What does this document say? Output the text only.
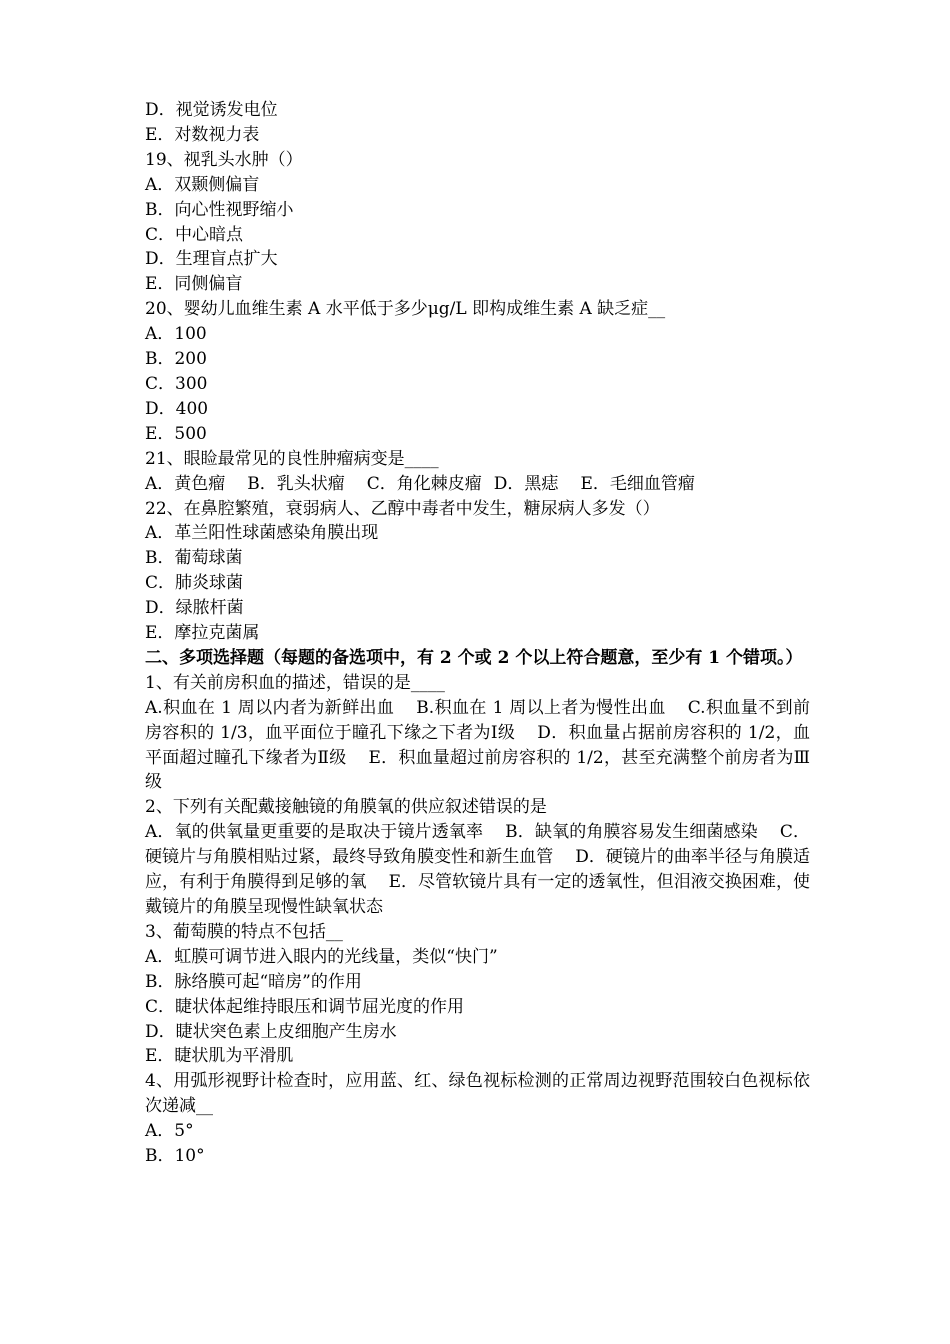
D．视觉诱发电位
E．对数视力表
19、视乳头水肿（）
A．双颞侧偏盲
B．向心性视野缩小
C．中心暗点
D．生理盲点扩大
E．同侧偏盲
20、婴幼儿血维生素 A 水平低于多少μg/L 即构成维生素 A 缺乏症__
A．100
B．200
C．300
D．400
E．500
21、眼睑最常见的良性肿瘤病变是____
A．黄色瘤 B．乳头状瘤 C．角化棘皮瘤 D．黑痣 E．毛细血管瘤
22、在鼻腔繁殖，衰弱病人、乙醇中毒者中发生，糖尿病人多发（）
A．革兰阳性球菌感染角膜出现
B．葡萄球菌
C．肺炎球菌
D．绿脓杆菌
E．摩拉克菌属
二、多项选择题（每题的备选项中，有 2 个或 2 个以上符合题意，至少有 1 个错项。）
1、有关前房积血的描述，错误的是____
A.积血在 1 周以内者为新鲜出血 B.积血在 1 周以上者为慢性出血 C.积血量不到前房容积的 1/3，血平面位于瞳孔下缘之下者为Ⅰ级 D．积血量占据前房容积的 1/2，血平面超过瞳孔下缘者为Ⅱ级 E．积血量超过前房容积的 1/2，甚至充满整个前房者为Ⅲ级
2、下列有关配戴接触镜的角膜氧的供应叙述错误的是
A．氧的供氧量更重要的是取决于镜片透氧率 B．缺氧的角膜容易发生细菌感染 C．硬镜片与角膜相贴过紧，最终导致角膜变性和新生血管 D．硬镜片的曲率半径与角膜适应，有利于角膜得到足够的氧 E．尽管软镜片具有一定的透氧性，但泪液交换困难，使戴镜片的角膜呈现慢性缺氧状态
3、葡萄膜的特点不包括__
A．虹膜可调节进入眼内的光线量，类似“快门”
B．脉络膜可起“暗房”的作用
C．睫状体起维持眼压和调节屈光度的作用
D．睫状突色素上皮细胞产生房水
E．睫状肌为平滑肌
4、用弧形视野计检查时，应用蓝、红、绿色视标检测的正常周边视野范围较白色视标依次递减__
A．5°
B．10°
